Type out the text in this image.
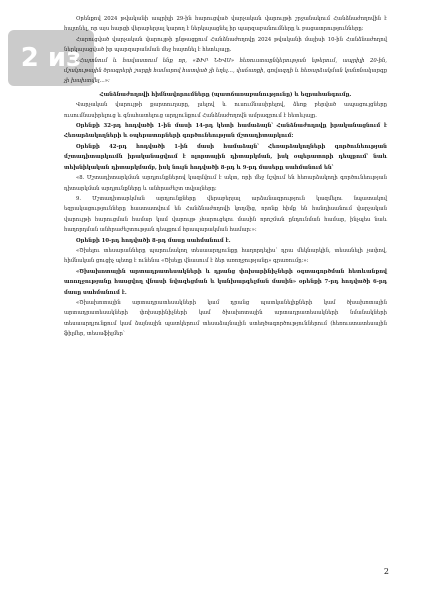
2 из 5

Օրենքով 2024 թվականի ապրիլի 29-ին հարուցված վարչական վարույթի շրջանակում Հանձնաժողովին է հայտնել, որ այս հարցի վերաբերյալ կարող է ներկայացնել իր պարզաբանումները և բացատրությունները:

Հարուցված վարչական վարույթի ընթացքում Հանձնաժողովը 2024 թվականի մայիսի 10-ին Հանձնաժողով ներկայացված իր պարզաբանման մեջ հայտնել է հետևյալը.

«Հայտնում և հավաստում ենք որ, «ՖԻՐ ՆԵՎՍ» հեռուստաընկերության եթերում, ապրիլի 20-ին, մշակութային ծրագրերի շարքի համարով հատված չի եղել…, վաճառքի, գովազդի և հեռարձակման կանոնակարգը չի խախտվել…»:

Հանձնաժողովի հիմնավորումները (պատճառաբանությունը) և եզրահանգումը.

Վարչական վարույթի քարտուղարը, լսելով և ուսումնասիրելով, ձեռք բերված ապացույցները ուսումնասիրելուց և գնահատելուց արդյունքում Հանձնաժողովն ամրագրում է հետևյալը.

Օրենքի 32-րդ հոդվածի 1-ին մասի 14-րդ կետի համաձայն՝ Հանձնաժողովը իրականացնում է Հեռարձակողների և օպերատորների գործունեության մշտադիտարկում:

Օրենքի 42-րդ հոդվածի 1-ին մասի համաձայն՝ Հեռարձակողների գործունեության մշտադիտարկումն իրականացվում է ոլորտային դիտարկման, իսկ օպերատորի դեպքում՝ նաև տեխնիկական դիտարկմամբ, իսկ նույն հոդվածի 8-րդ և 9-րդ մասերը սահմանում են՝

«8. Մշտադիտարկման արդյունքներով կազմվում է ակտ, որի մեջ նշվում են հեռարձակողի գործունեության դիտարկման արդյունքները և անհրաժեշտ տվյալները:

9. Մշտադիտարկման արդյունքները վերաբերյալ արձանագրություն կազմելու նպատակով եզրակացությունները հաստատվում են Հանձնաժողովի կողմից, որոնք հիմք են հանդիսանում վարչական վարույթի հարուցման համար կամ վարույթ չհարուցելու մասին որոշման ընդունման համար, ինչպես նաև հաղորդման անհրաժեշտության դեպքում հրապարակման համար:»:

Օրենքի 10-րդ հոդվածի 8-րդ մասը սահմանում է.

«Ծխելու տեսարանները պարունակող տեսաարդյունքը հաղորդելիս՝ դրա մեկնարկին, տեսանելի չափով, հիմնական ցուցիչ պետք է ունենա «Ծխելը վնասում է ձեր առողջությանը» գրառումը:»:

«Ծխախոտային արտադրատեսակների և դրանց փոխարինիչների օգտագործման հետևանքով առողջությանը հասցվող վնասի նվազեցման և կանխարգելման մասին» օրենքի 7-րդ հոդվածի 6-րդ մասը սահմանում է.

«Ծխախոտային արտադրատեսակների կամ դրանց պատկանելիքների կամ ծխախոտային արտադրատեսակների փոխարինիչների կամ ծխախոտային արտադրատեսակների նմանակների տեսաարդյունքում կամ ձայնային պատկերում տեսաձայնային ստեղծագործություններում (հեռուստատեսային ֆիլմեր, տեսաֆիլմեր՝

2
